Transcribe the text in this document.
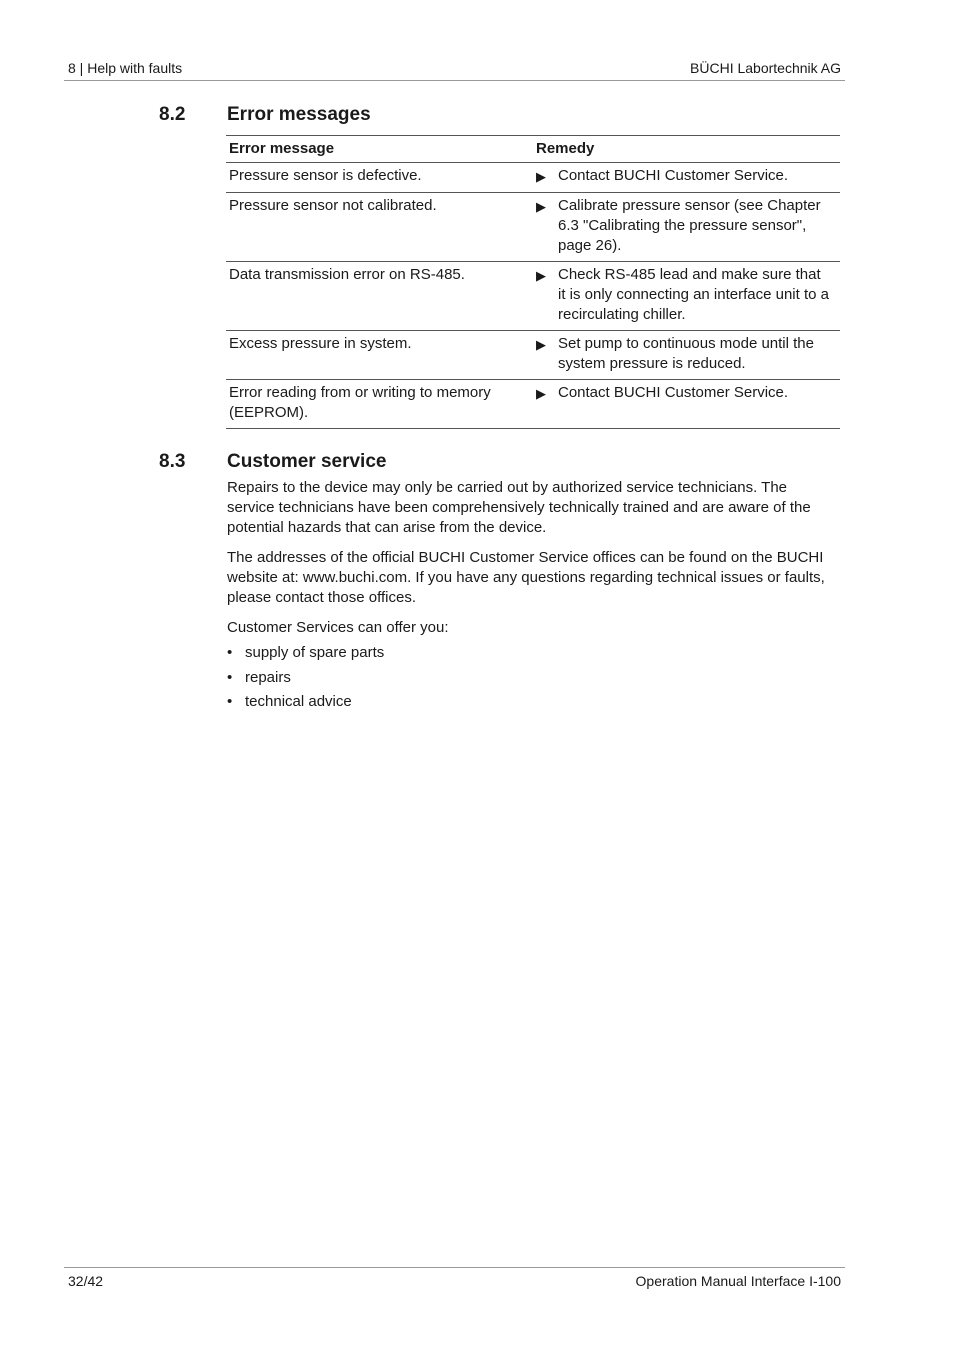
8 | Help with faults	BÜCHI Labortechnik AG
8.2	Error messages
Error message	Remedy
Pressure sensor is defective.	▶ Contact BUCHI Customer Service.

Pressure sensor not calibrated.	▶ Calibrate pressure sensor (see Chapter 6.3 "Calibrating the pressure sensor", page 26).

Data transmission error on RS-485.	▶ Check RS-485 lead and make sure that it is only connecting an interface unit to a recirculating chiller.

Excess pressure in system.	▶ Set pump to continuous mode until the system pressure is reduced.

Error reading from or writing to memory (EEPROM).	▶ Contact BUCHI Customer Service.
8.3	Customer service

Repairs to the device may only be carried out by authorized service technicians. The service technicians have been comprehensively technically trained and are aware of the potential hazards that can arise from the device.

The addresses of the official BUCHI Customer Service offices can be found on the BUCHI website at: www.buchi.com. If you have any questions regarding technical issues or faults, please contact those offices.

Customer Services can offer you:

• supply of spare parts
• repairs
• technical advice
32/42	Operation Manual Interface I-100
